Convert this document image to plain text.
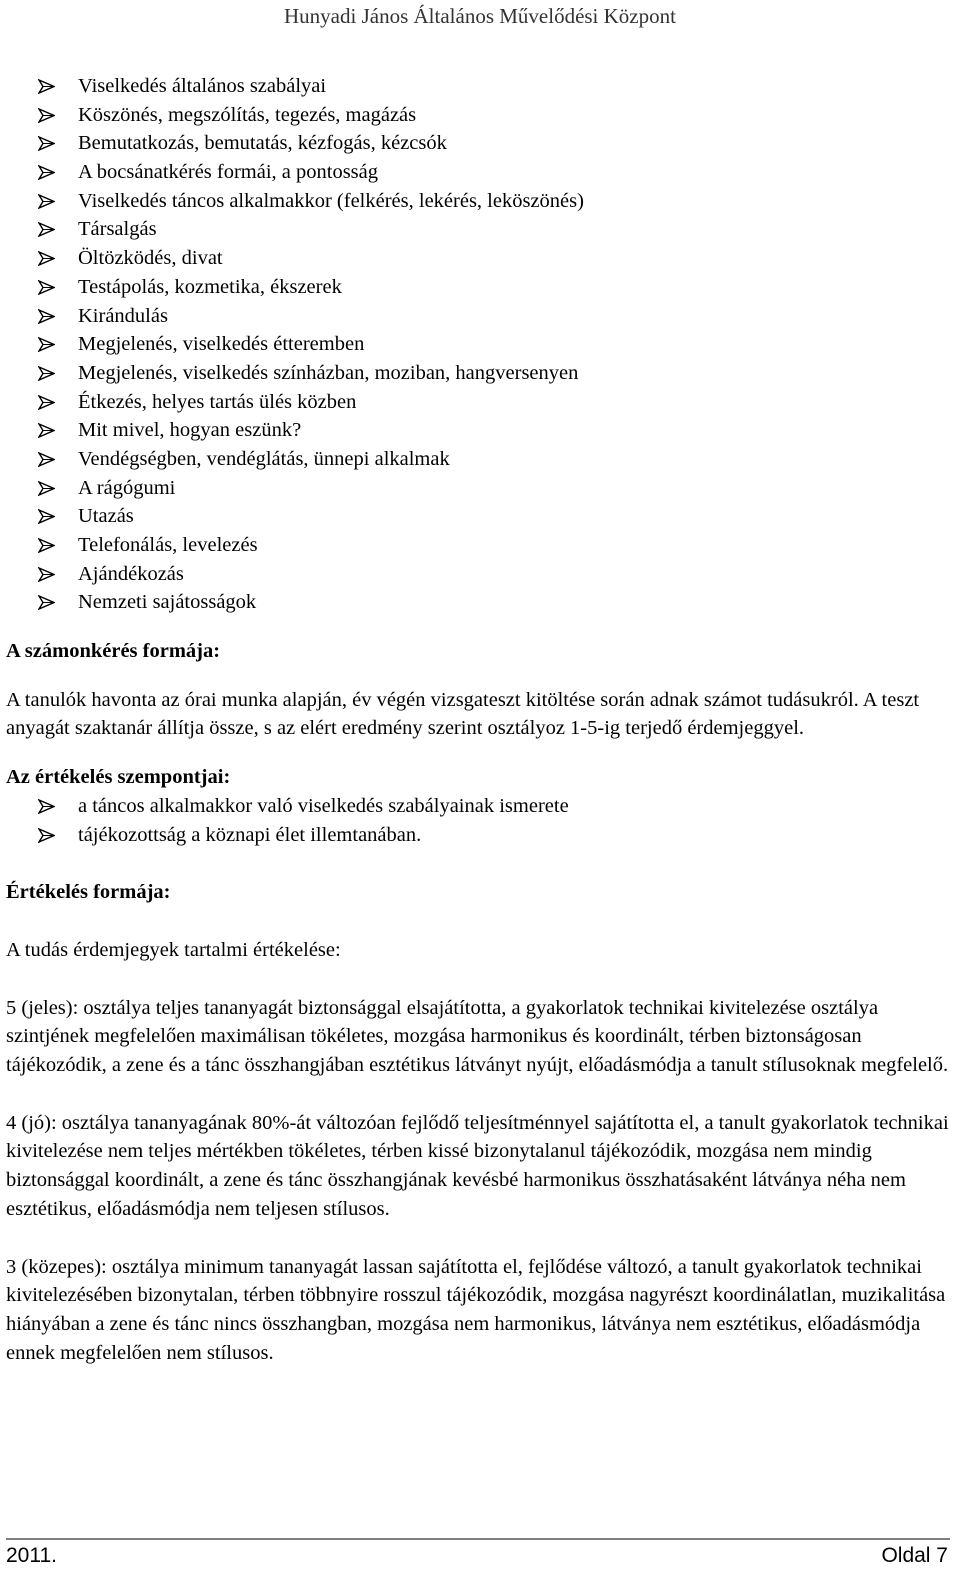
Hunyadi János Általános Művelődési Központ
Viselkedés általános szabályai
Köszönés, megszólítás, tegezés, magázás
Bemutatkozás, bemutatás, kézfogás, kézcsók
A bocsánatkérés formái, a pontosság
Viselkedés táncos alkalmakkor (felkérés, lekérés, leköszönés)
Társalgás
Öltözködés, divat
Testápolás, kozmetika, ékszerek
Kirándulás
Megjelenés, viselkedés étteremben
Megjelenés, viselkedés színházban, moziban, hangversenyen
Étkezés, helyes tartás ülés közben
Mit mivel, hogyan eszünk?
Vendégségben, vendéglátás, ünnepi alkalmak
A rágógumi
Utazás
Telefonálás, levelezés
Ajándékozás
Nemzeti sajátosságok

A számonkérés formája:

A tanulók havonta az órai munka alapján, év végén vizsgateszt kitöltése során adnak számot tudásukról. A teszt anyagát szaktanár állítja össze, s az elért eredmény szerint osztályoz 1-5-ig terjedő érdemjeggyel.

Az értékelés szempontjai:

a táncos alkalmakkor való viselkedés szabályainak ismerete
tájékozottság a köznapi élet illemtanában.

Értékelés formája:

A tudás érdemjegyek tartalmi értékelése:

5 (jeles): osztálya teljes tananyagát biztonsággal elsajátította, a gyakorlatok technikai kivitelezése osztálya szintjének megfelelően maximálisan tökéletes, mozgása harmonikus és koordinált, térben biztonságosan tájékozódik, a zene és a tánc összhangjában esztétikus látványt nyújt, előadásmódja a tanult stílusoknak megfelelő.

4 (jó): osztálya tananyagának 80%-át változóan fejlődő teljesítménnyel sajátította el, a tanult gyakorlatok technikai kivitelezése nem teljes mértékben tökéletes, térben kissé bizonytalanul tájékozódik, mozgása nem mindig biztonsággal koordinált, a zene és tánc összhangjának kevésbé harmonikus összhatásaként látványa néha nem esztétikus, előadásmódja nem teljesen stílusos.

3 (közepes): osztálya minimum tananyagát lassan sajátította el, fejlődése változó, a tanult gyakorlatok technikai kivitelezésében bizonytalan, térben többnyire rosszul tájékozódik, mozgása nagyrészt koordinálatlan, muzikalitása hiányában a zene és tánc nincs összhangban, mozgása nem harmonikus, látványa nem esztétikus, előadásmódja ennek megfelelően nem stílusos.

2011.	Oldal 7
